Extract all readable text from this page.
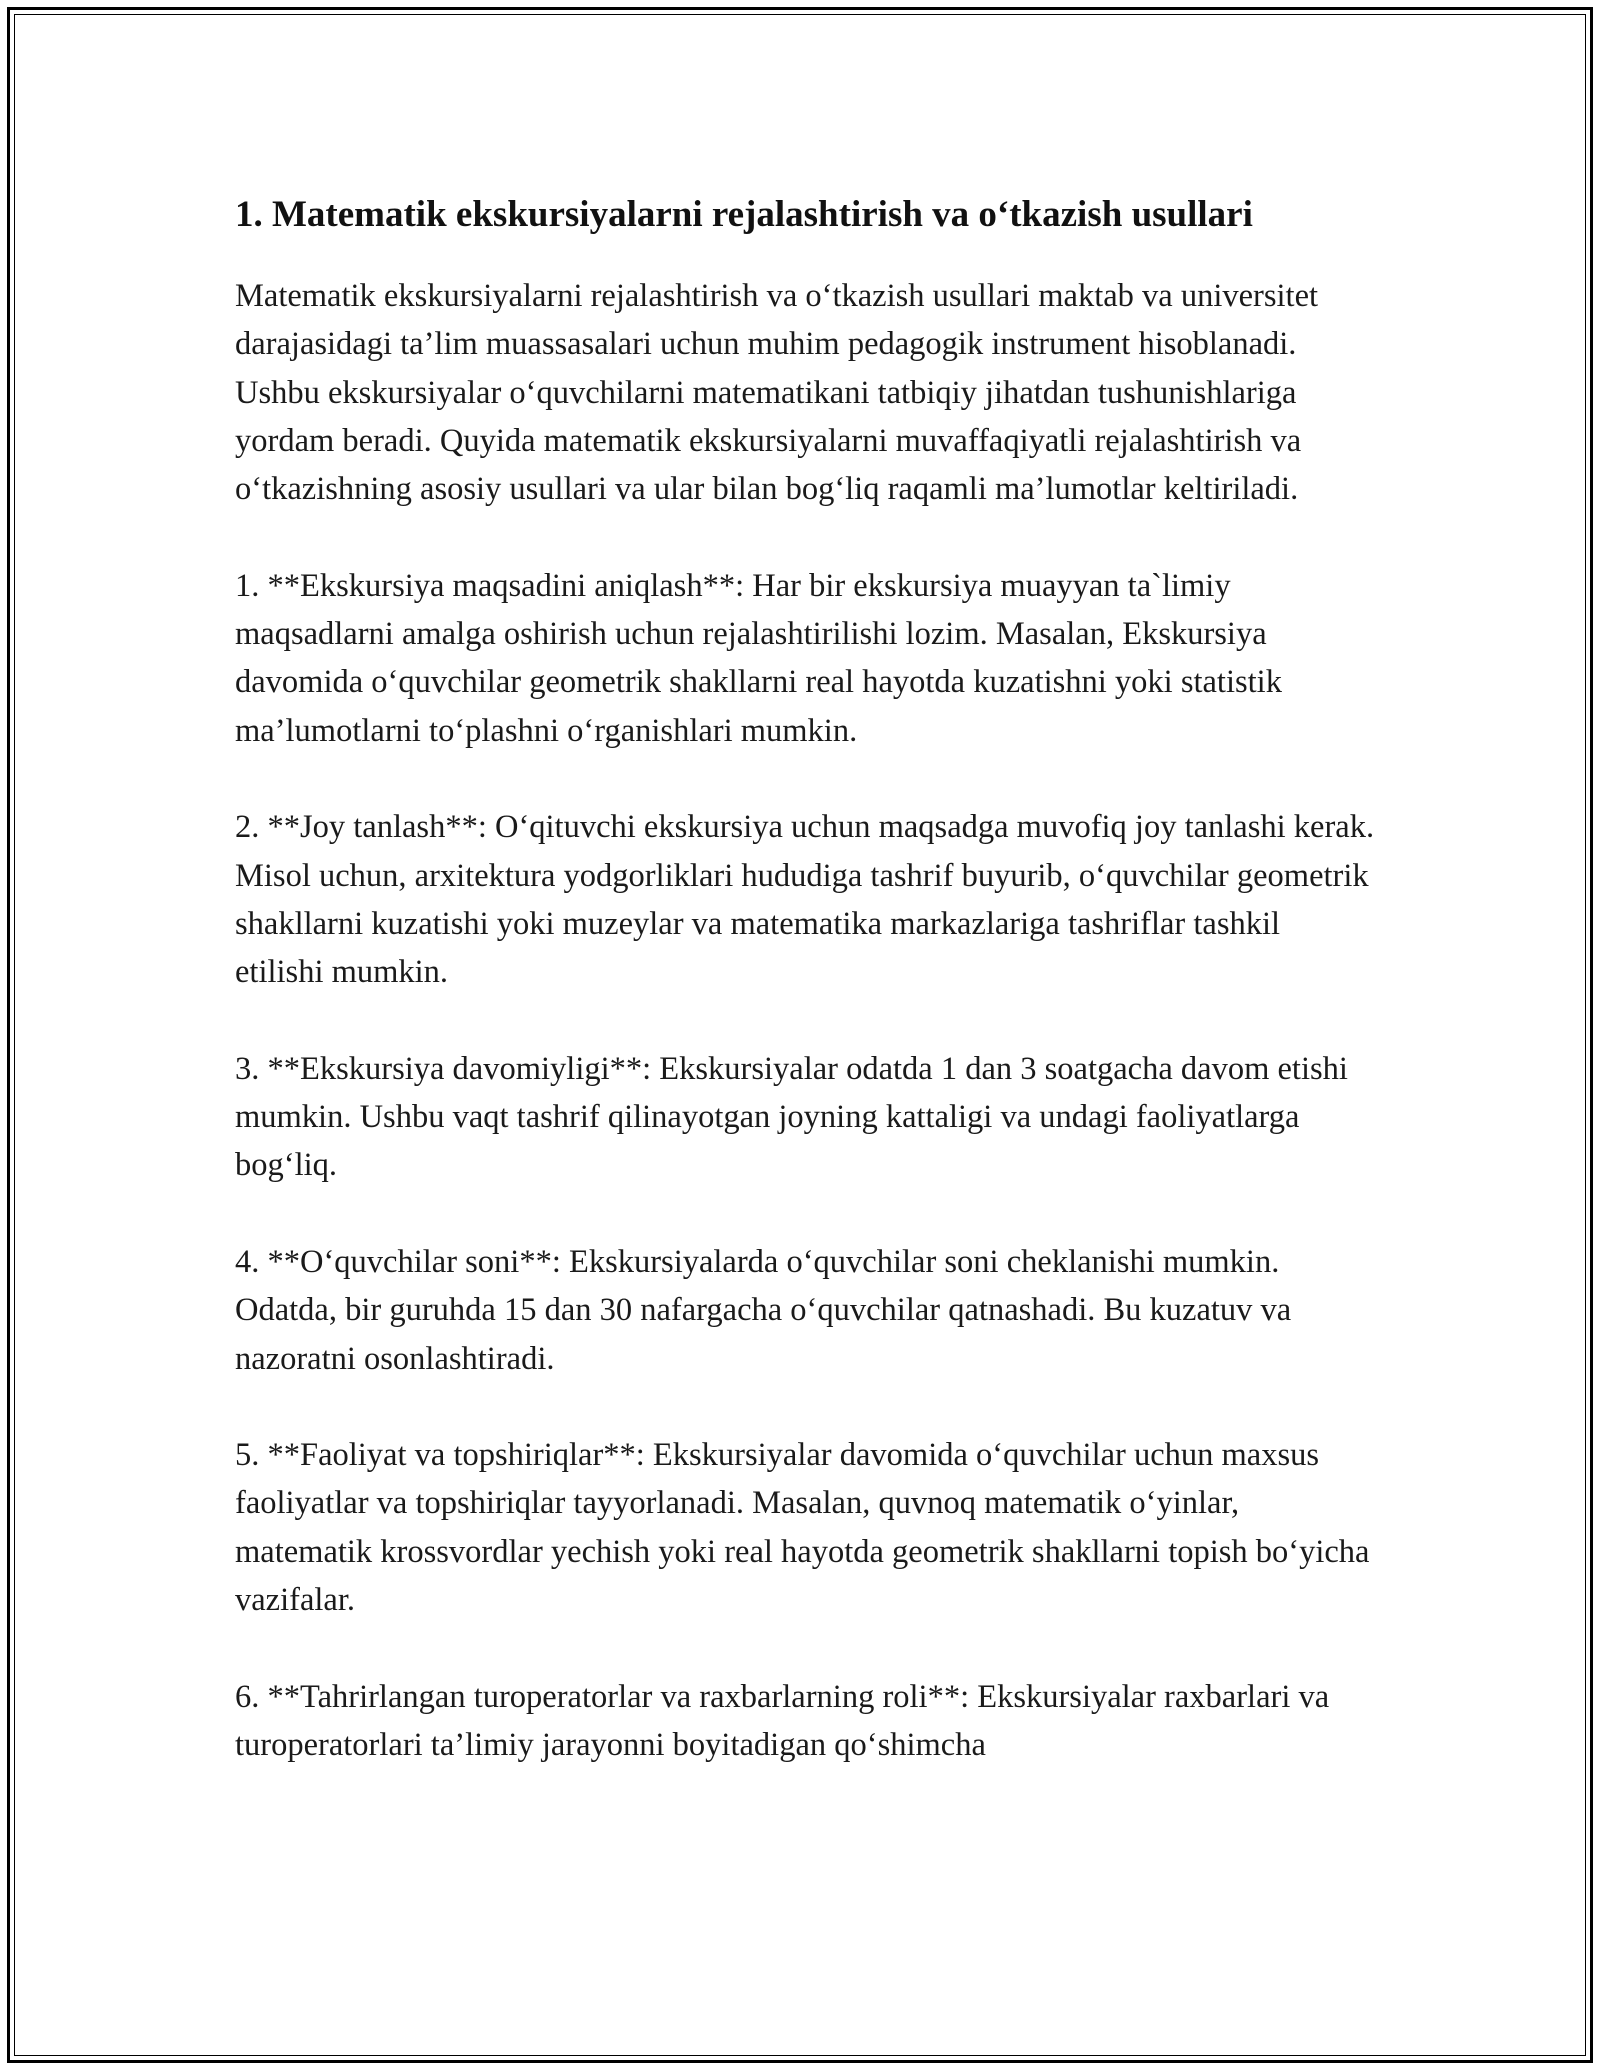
1. Matematik ekskursiyalarni rejalashtirish va o‘tkazish usullari

Matematik ekskursiyalarni rejalashtirish va o‘tkazish usullari maktab va universitet darajasidagi ta’lim muassasalari uchun muhim pedagogik instrument hisoblanadi. Ushbu ekskursiyalar o‘quvchilarni matematikani tatbiqiy jihatdan tushunishlariga yordam beradi. Quyida matematik ekskursiyalarni muvaffaqiyatli rejalashtirish va o‘tkazishning asosiy usullari va ular bilan bog‘liq raqamli ma’lumotlar keltiriladi.

1. **Ekskursiya maqsadini aniqlash**: Har bir ekskursiya muayyan ta`limiy maqsadlarni amalga oshirish uchun rejalashtirilishi lozim. Masalan, Ekskursiya davomida o‘quvchilar geometrik shakllarni real hayotda kuzatishni yoki statistik ma’lumotlarni to‘plashni o‘rganishlari mumkin.

2. **Joy tanlash**: O‘qituvchi ekskursiya uchun maqsadga muvofiq joy tanlashi kerak. Misol uchun, arxitektura yodgorliklari hududiga tashrif buyurib, o‘quvchilar geometrik shakllarni kuzatishi yoki muzeylar va matematika markazlariga tashriflar tashkil etilishi mumkin.

3. **Ekskursiya davomiyligi**: Ekskursiyalar odatda 1 dan 3 soatgacha davom etishi mumkin. Ushbu vaqt tashrif qilinayotgan joyning kattaligi va undagi faoliyatlarga bog‘liq.

4. **O‘quvchilar soni**: Ekskursiyalarda o‘quvchilar soni cheklanishi mumkin. Odatda, bir guruhda 15 dan 30 nafargacha o‘quvchilar qatnashadi. Bu kuzatuv va nazoratni osonlashtiradi.

5. **Faoliyat va topshiriqlar**: Ekskursiyalar davomida o‘quvchilar uchun maxsus faoliyatlar va topshiriqlar tayyorlanadi. Masalan, quvnoq matematik o‘yinlar, matematik krossvordlar yechish yoki real hayotda geometrik shakllarni topish bo‘yicha vazifalar.

6. **Tahrirlangan turoperatorlar va raxbarlarning roli**: Ekskursiyalar raxbarlari va turoperatorlari ta’limiy jarayonni boyitadigan qo‘shimcha
